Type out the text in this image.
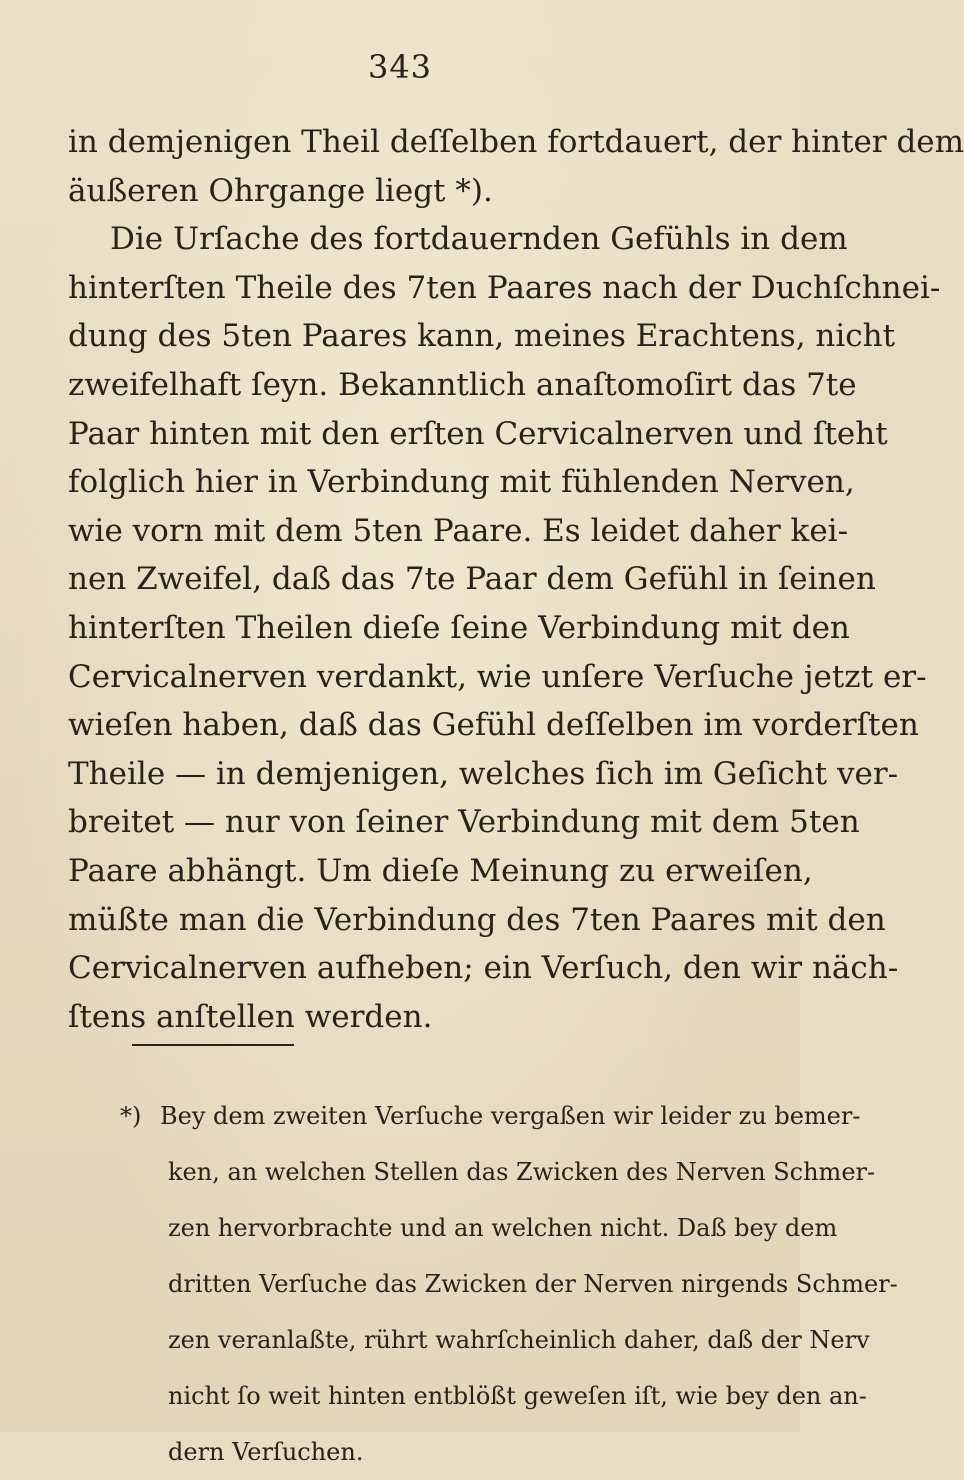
343
in demjenigen Theil deſſelben fortdauert, der hinter dem
äußeren Ohrgange liegt *).
Die Urſache des fortdauernden Gefühls in dem
hinterſten Theile des 7ten Paares nach der Duchſchnei-
dung des 5ten Paares kann, meines Erachtens, nicht
zweifelhaft ſeyn. Bekanntlich anaſtomoſirt das 7te
Paar hinten mit den erſten Cervicalnerven und ſteht
folglich hier in Verbindung mit fühlenden Nerven,
wie vorn mit dem 5ten Paare. Es leidet daher kei-
nen Zweifel, daß das 7te Paar dem Gefühl in ſeinen
hinterſten Theilen dieſe ſeine Verbindung mit den
Cervicalnerven verdankt, wie unſere Verſuche jetzt er-
wieſen haben, daß das Gefühl deſſelben im vorderſten
Theile — in demjenigen, welches ſich im Geſicht ver-
breitet — nur von ſeiner Verbindung mit dem 5ten
Paare abhängt. Um dieſe Meinung zu erweiſen,
müßte man die Verbindung des 7ten Paares mit den
Cervicalnerven aufheben; ein Verſuch, den wir näch-
ſtens anſtellen werden.
*) Bey dem zweiten Verſuche vergaßen wir leider zu bemer-
ken, an welchen Stellen das Zwicken des Nerven Schmer-
zen hervorbrachte und an welchen nicht. Daß bey dem
dritten Verſuche das Zwicken der Nerven nirgends Schmer-
zen veranlaßte, rührt wahrſcheinlich daher, daß der Nerv
nicht ſo weit hinten entblößt geweſen iſt, wie bey den an-
dern Verſuchen.
